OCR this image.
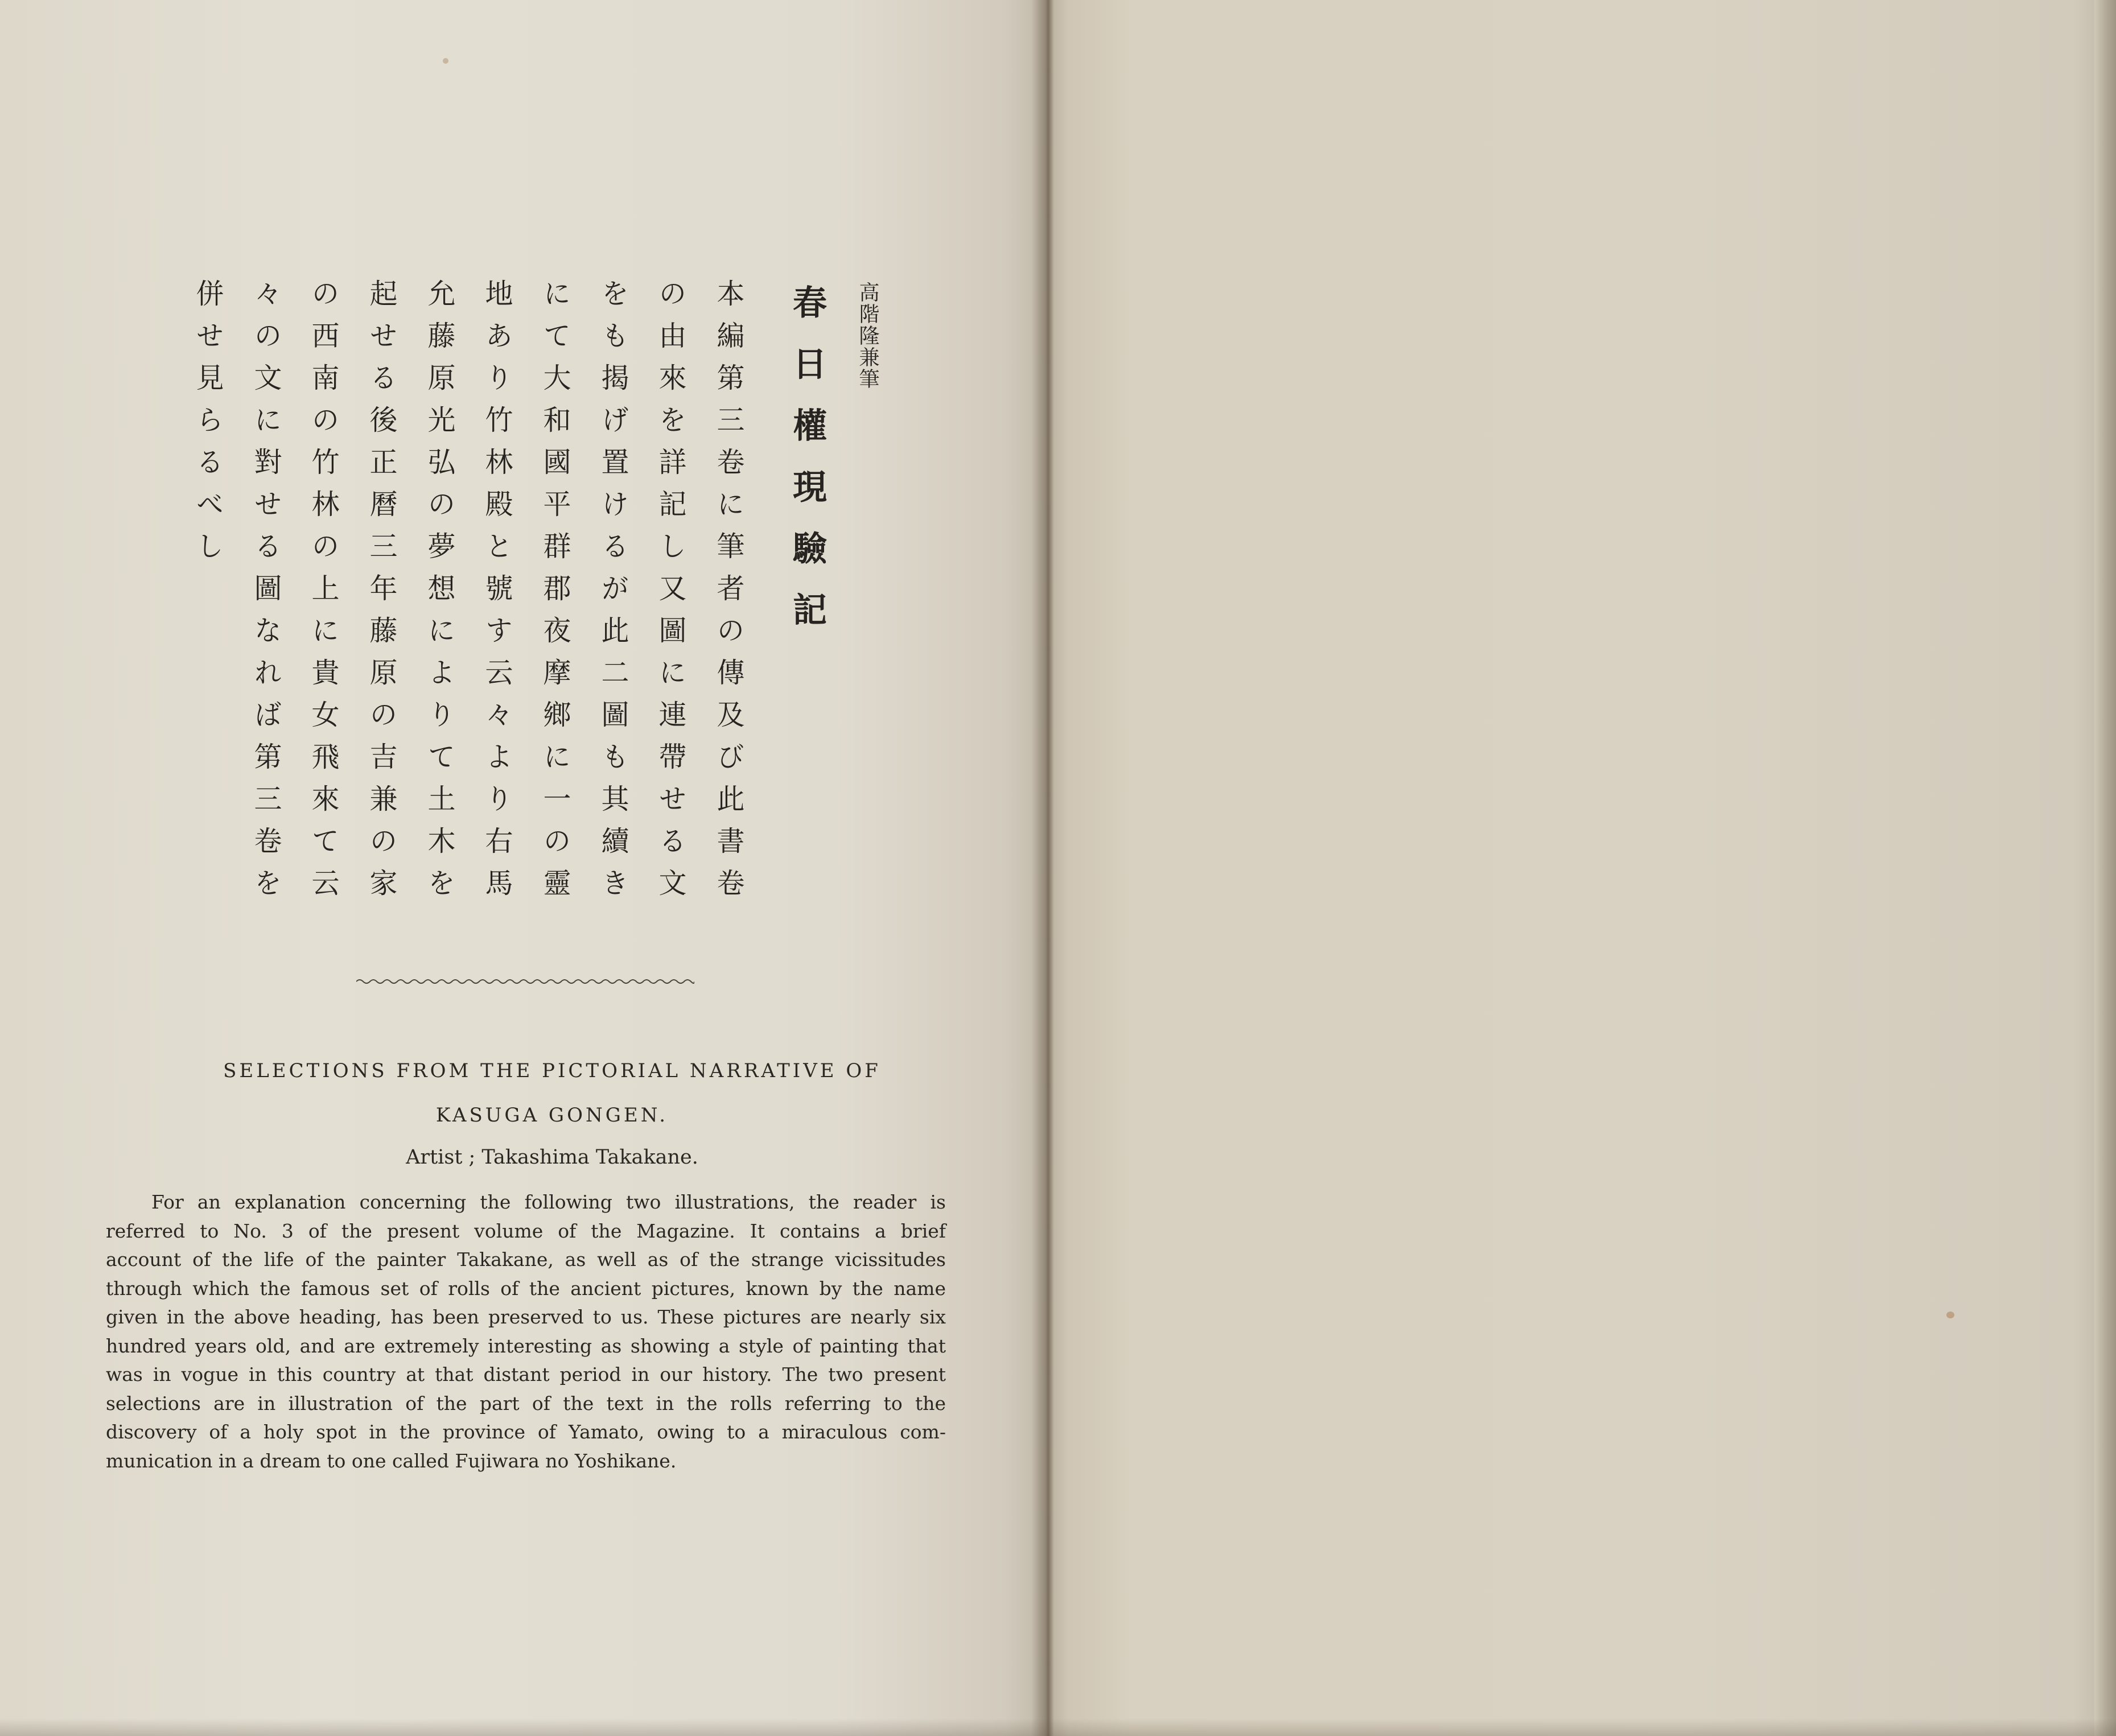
高階隆兼筆
春日權現驗記
本編第三卷に筆者の傳及び此書卷
の由來を詳記し又圖に連帶せる文
をも揭げ置けるが此二圖も其續き
にて大和國平群郡夜摩鄉に一の靈
地あり竹林殿と號す云々より右馬
允藤原光弘の夢想によりて土木を
起せる後正曆三年藤原の吉兼の家
の西南の竹林の上に貴女飛來て云
々の文に對せる圖なれば第三卷を
併せ見らるべし
SELECTIONS FROM THE PICTORIAL NARRATIVE OF
KASUGA GONGEN.
Artist ; Takashima Takakane.
For an explanation concerning the following two illustrations, the reader is
referred to No. 3 of the present volume of the Magazine. It contains a brief
account of the life of the painter Takakane, as well as of the strange vicissitudes
through which the famous set of rolls of the ancient pictures, known by the name
given in the above heading, has been preserved to us. These pictures are nearly six
hundred years old, and are extremely interesting as showing a style of painting that
was in vogue in this country at that distant period in our history. The two present
selections are in illustration of the part of the text in the rolls referring to the
discovery of a holy spot in the province of Yamato, owing to a miraculous com-
munication in a dream to one called Fujiwara no Yoshikane.
